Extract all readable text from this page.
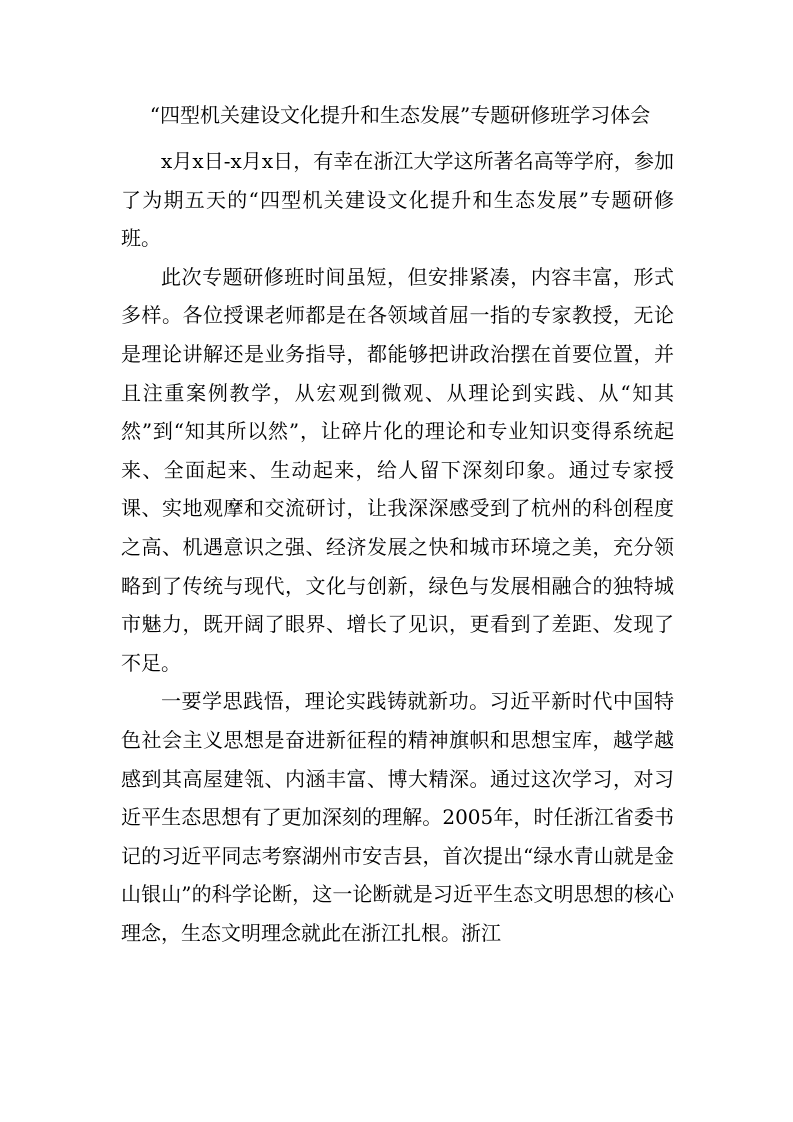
“四型机关建设文化提升和生态发展”专题研修班学习体会

x月x日-x月x日，有幸在浙江大学这所著名高等学府，参加了为期五天的“四型机关建设文化提升和生态发展”专题研修班。

此次专题研修班时间虽短，但安排紧凑，内容丰富，形式多样。各位授课老师都是在各领域首屈一指的专家教授，无论是理论讲解还是业务指导，都能够把讲政治摆在首要位置，并且注重案例教学，从宏观到微观、从理论到实践、从“知其然”到“知其所以然”，让碎片化的理论和专业知识变得系统起来、全面起来、生动起来，给人留下深刻印象。通过专家授课、实地观摩和交流研讨，让我深深感受到了杭州的科创程度之高、机遇意识之强、经济发展之快和城市环境之美，充分领略到了传统与现代，文化与创新，绿色与发展相融合的独特城市魅力，既开阔了眼界、增长了见识，更看到了差距、发现了不足。

一要学思践悟，理论实践铸就新功。习近平新时代中国特色社会主义思想是奋进新征程的精神旗帜和思想宝库，越学越感到其高屋建瓴、内涵丰富、博大精深。通过这次学习，对习近平生态思想有了更加深刻的理解。2005年，时任浙江省委书记的习近平同志考察湖州市安吉县，首次提出“绿水青山就是金山银山”的科学论断，这一论断就是习近平生态文明思想的核心理念，生态文明理念就此在浙江扎根。浙江
